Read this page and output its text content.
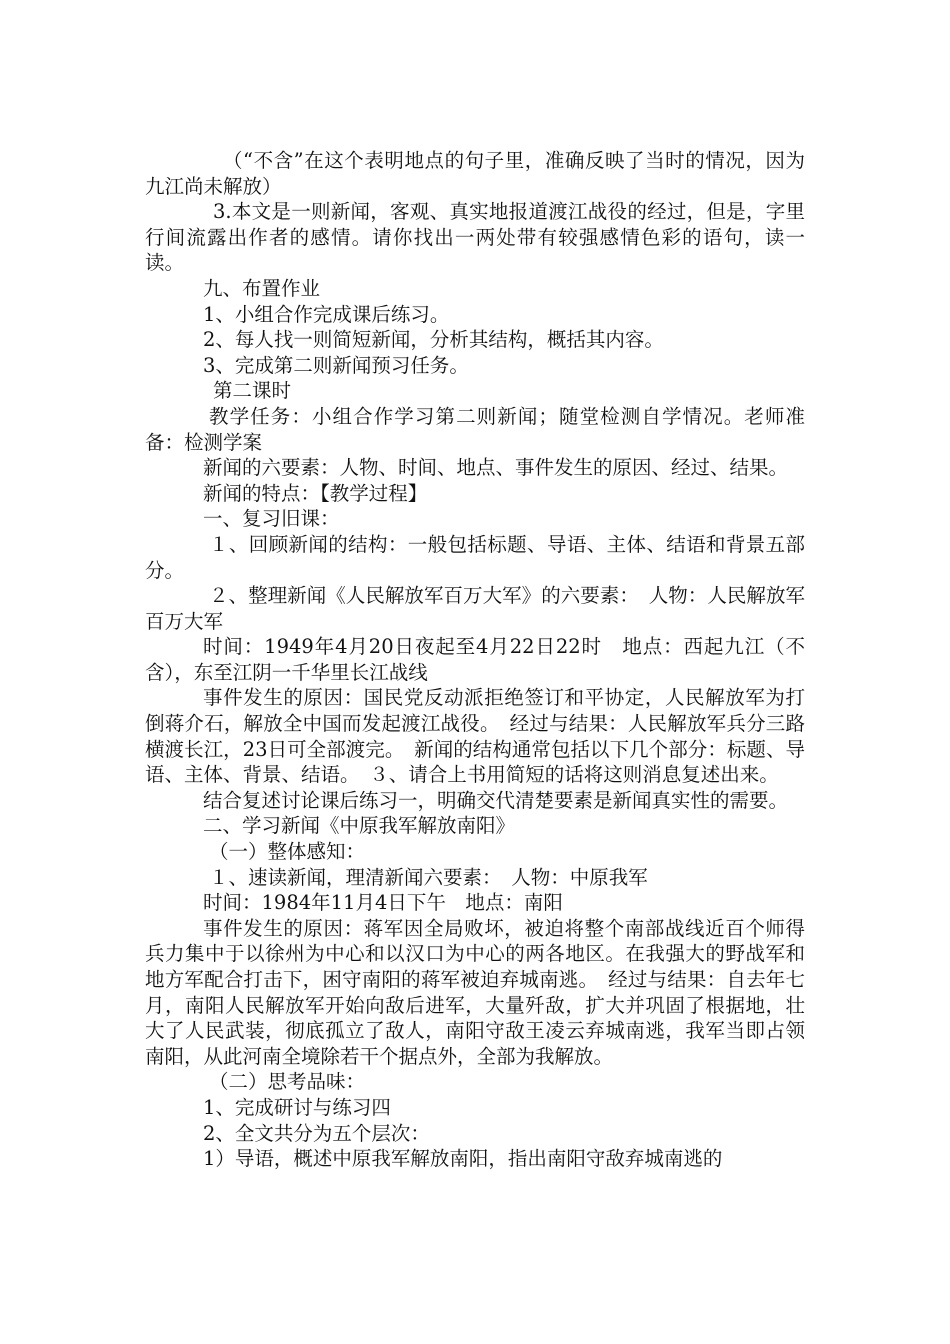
（“不含”在这个表明地点的句子里，准确反映了当时的情况，因为九江尚未解放）

3.本文是一则新闻，客观、真实地报道渡江战役的经过，但是，字里行间流露出作者的感情。请你找出一两处带有较强感情色彩的语句，读一读。

九、布置作业

1、小组合作完成课后练习。

2、每人找一则简短新闻，分析其结构，概括其内容。

3、完成第二则新闻预习任务。

第二课时

教学任务：小组合作学习第二则新闻；随堂检测自学情况。老师准备：检测学案

新闻的六要素：人物、时间、地点、事件发生的原因、经过、结果。

新闻的特点：【教学过程】

一、复习旧课：

１、回顾新闻的结构：一般包括标题、导语、主体、结语和背景五部分。

２、整理新闻《人民解放军百万大军》的六要素：　人物：人民解放军百万大军

时间：1949年4月20日夜起至4月22日22时　地点：西起九江（不含），东至江阴一千华里长江战线

事件发生的原因：国民党反动派拒绝签订和平协定，人民解放军为打倒蒋介石，解放全中国而发起渡江战役。　经过与结果：人民解放军兵分三路横渡长江，23日可全部渡完。　新闻的结构通常包括以下几个部分：标题、导语、主体、背景、结语。　３、请合上书用简短的话将这则消息复述出来。

结合复述讨论课后练习一，明确交代清楚要素是新闻真实性的需要。

二、学习新闻《中原我军解放南阳》

（一）整体感知：

１、速读新闻，理清新闻六要素：　人物：中原我军

时间：1984年11月4日下午　地点：南阳

事件发生的原因：蒋军因全局败坏，被迫将整个南部战线近百个师得兵力集中于以徐州为中心和以汉口为中心的两各地区。在我强大的野战军和地方军配合打击下，困守南阳的蒋军被迫弃城南逃。　经过与结果：自去年七月，南阳人民解放军开始向敌后进军，大量歼敌，扩大并巩固了根据地，壮大了人民武装，彻底孤立了敌人，南阳守敌王凌云弃城南逃，我军当即占领南阳，从此河南全境除若干个据点外，全部为我解放。

（二）思考品味：

1、完成研讨与练习四

2、全文共分为五个层次：

1）导语，概述中原我军解放南阳，指出南阳守敌弃城南逃的
